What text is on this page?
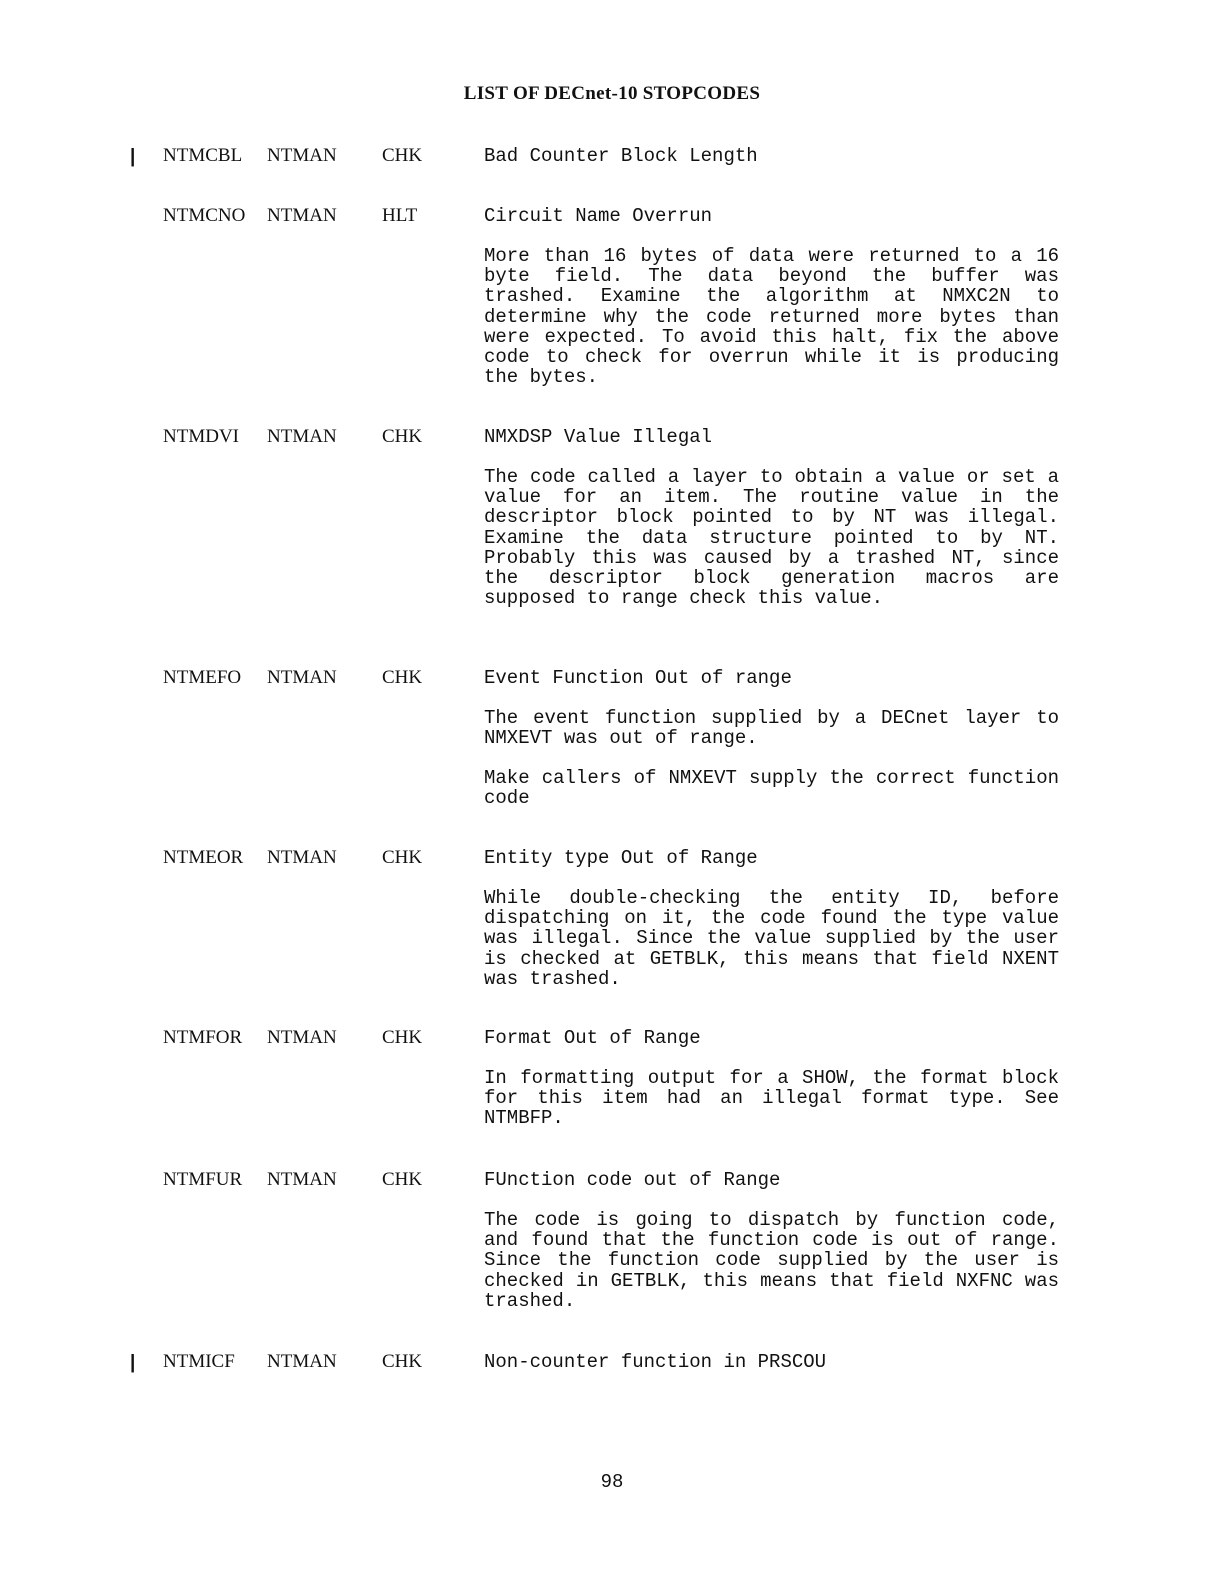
LIST OF DECnet-10 STOPCODES
| NTMCBL NTMAN CHK	Bad Counter Block Length
NTMCNO NTMAN HLT	Circuit Name Overrun

More than 16 bytes of data were returned to a 16 byte field. The data beyond the buffer was trashed. Examine the algorithm at NMXC2N to determine why the code returned more bytes than were expected. To avoid this halt, fix the above code to check for overrun while it is producing the bytes.

NTMDVI NTMAN CHK	NMXDSP Value Illegal

The code called a layer to obtain a value or set a value for an item. The routine value in the descriptor block pointed to by NT was illegal. Examine the data structure pointed to by NT. Probably this was caused by a trashed NT, since the descriptor block generation macros are supposed to range check this value.

NTMEFO NTMAN CHK	Event Function Out of range

The event function supplied by a DECnet layer to NMXEVT was out of range.

Make callers of NMXEVT supply the correct function code

NTMEOR NTMAN CHK	Entity type Out of Range

While double-checking the entity ID, before dispatching on it, the code found the type value was illegal. Since the value supplied by the user is checked at GETBLK, this means that field NXENT was trashed.

NTMFOR NTMAN CHK	Format Out of Range

In formatting output for a SHOW, the format block for this item had an illegal format type. See NTMBFP.

NTMFUR NTMAN CHK	FUnction code out of Range

The code is going to dispatch by function code, and found that the function code is out of range. Since the function code supplied by the user is checked in GETBLK, this means that field NXFNC was trashed.

| NTMICF NTMAN CHK	Non-counter function in PRSCOU
98
